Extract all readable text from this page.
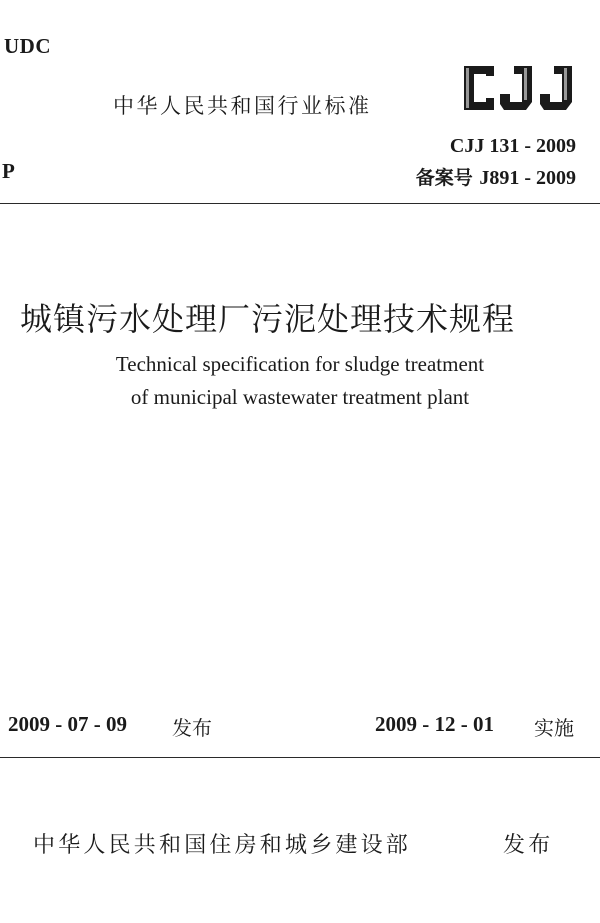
UDC
中华人民共和国行业标准
P
CJJ 131 - 2009
备案号 J891 - 2009
城镇污水处理厂污泥处理技术规程
Technical specification for sludge treatment
of municipal wastewater treatment plant
2009 - 07 - 09 发布	2009 - 12 - 01 实施
中华人民共和国住房和城乡建设部	发布
